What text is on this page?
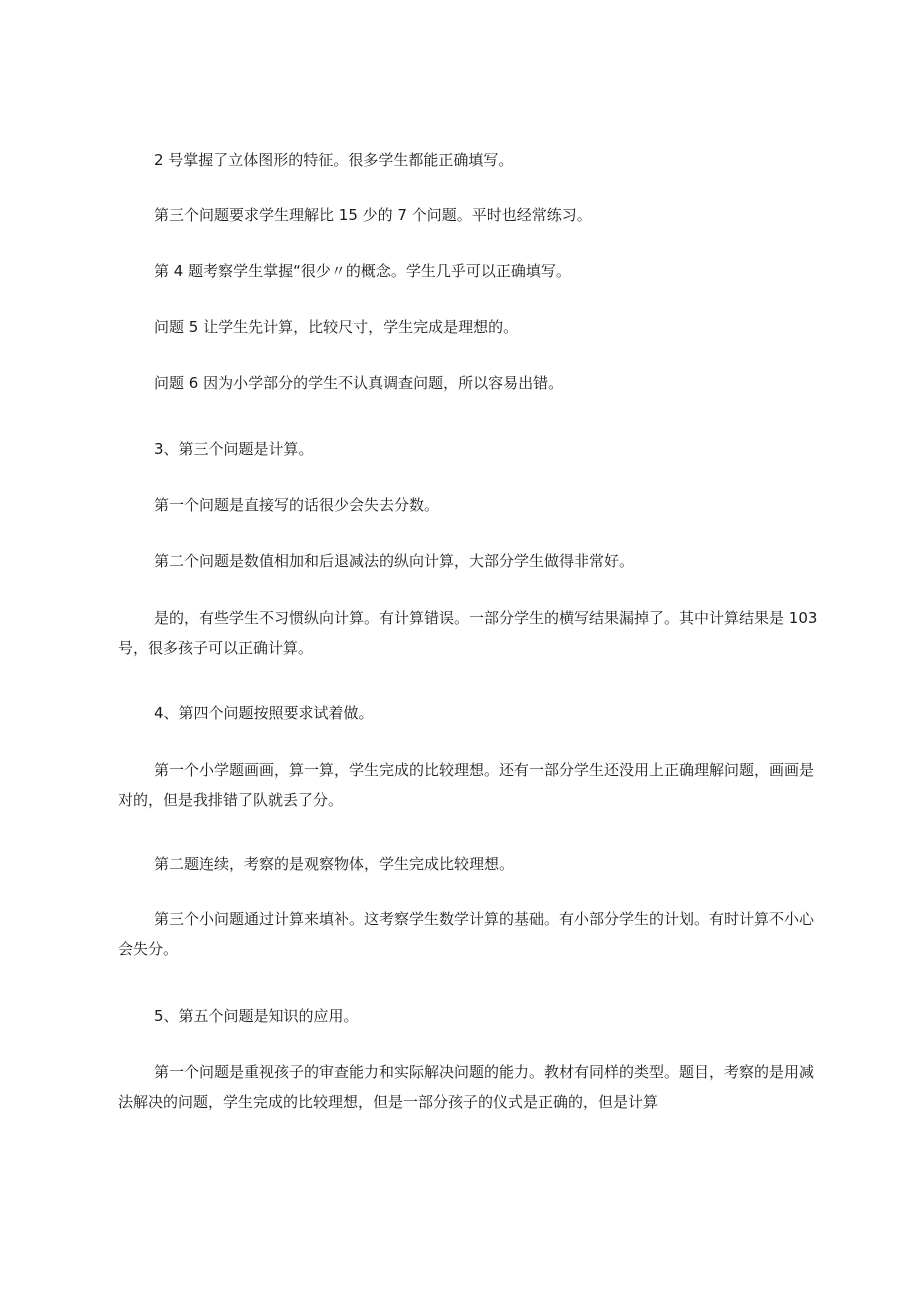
2 号掌握了立体图形的特征。很多学生都能正确填写。

第三个问题要求学生理解比 15 少的 7 个问题。平时也经常练习。

第 4 题考察学生掌握“很少〃的概念。学生几乎可以正确填写。

问题 5 让学生先计算，比较尺寸，学生完成是理想的。

问题 6 因为小学部分的学生不认真调查问题，所以容易出错。

3、第三个问题是计算。

第一个问题是直接写的话很少会失去分数。

第二个问题是数值相加和后退减法的纵向计算，大部分学生做得非常好。

是的，有些学生不习惯纵向计算。有计算错误。一部分学生的横写结果漏掉了。其中计算结果是 103 号，很多孩子可以正确计算。

4、第四个问题按照要求试着做。

第一个小学题画画，算一算，学生完成的比较理想。还有一部分学生还没用上正确理解问题，画画是对的，但是我排错了队就丢了分。

第二题连续，考察的是观察物体，学生完成比较理想。

第三个小问题通过计算来填补。这考察学生数学计算的基础。有小部分学生的计划。有时计算不小心会失分。

5、第五个问题是知识的应用。

第一个问题是重视孩子的审查能力和实际解决问题的能力。教材有同样的类型。题目，考察的是用减法解决的问题，学生完成的比较理想，但是一部分孩子的仪式是正确的，但是计算
